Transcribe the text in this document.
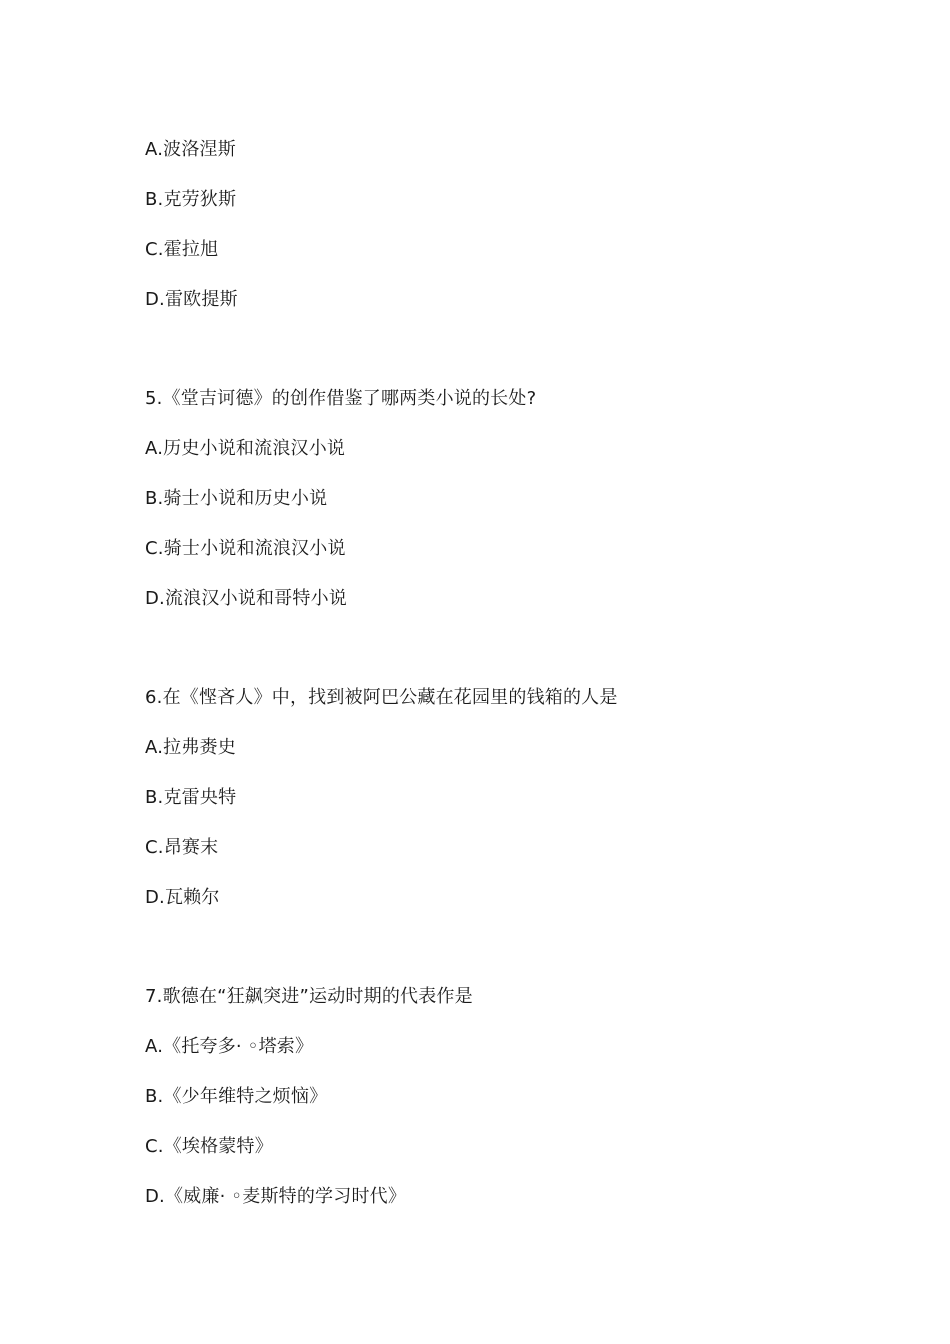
A.波洛涅斯
B.克劳狄斯
C.霍拉旭
D.雷欧提斯
5.《堂吉诃德》的创作借鉴了哪两类小说的长处?
A.历史小说和流浪汉小说
B.骑士小说和历史小说
C.骑士小说和流浪汉小说
D.流浪汉小说和哥特小说
6.在《悭吝人》中，找到被阿巴公藏在花园里的钱箱的人是
A.拉弗赉史
B.克雷央特
C.昂赛末
D.瓦赖尔
7.歌德在“狂飙突进”运动时期的代表作是
A.《托夸多· ◦塔索》
B.《少年维特之烦恼》
C.《埃格蒙特》
D.《威廉· ◦麦斯特的学习时代》
